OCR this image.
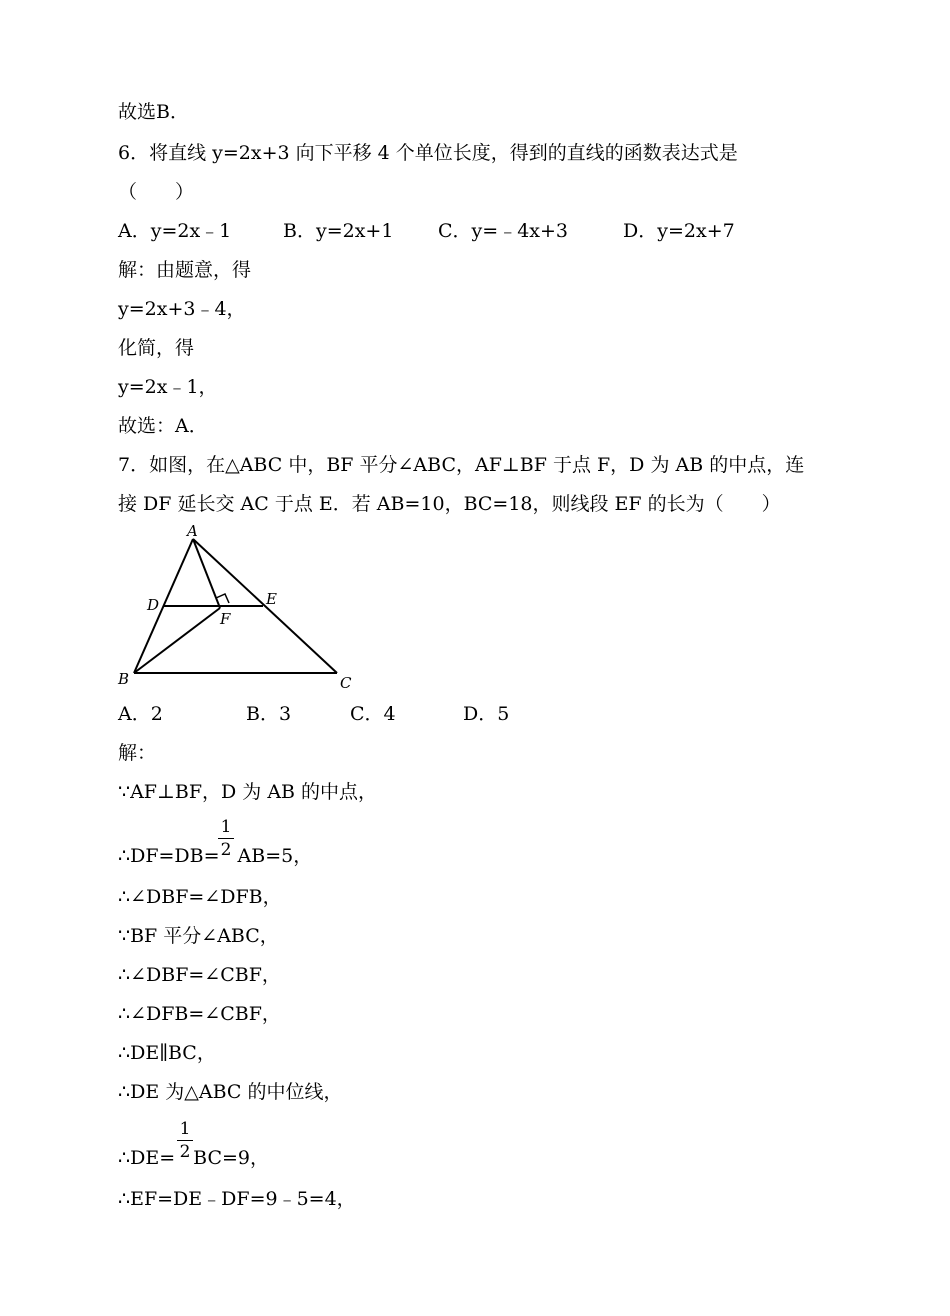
故选B．
6．将直线 y=2x+3 向下平移 4 个单位长度，得到的直线的函数表达式是
（　　）
A．y=2x﹣1	B．y=2x+1 C．y=﹣4x+3	D．y=2x+7
解：由题意，得
y=2x+3﹣4，
化简，得
y=2x﹣1，
故选：A．
7．如图，在△ABC 中，BF 平分∠ABC，AF⊥BF 于点 F，D 为 AB 的中点，连
接 DF 延长交 AC 于点 E．若 AB=10，BC=18，则线段 EF 的长为（　　）
A
B	C
D	E
F
A．2	B．3	C．4	D．5
解：
∵AF⊥BF，D 为 AB 的中点，
∴DF=DB= AB=5，
1
2
∴∠DBF=∠DFB，
∵BF 平分∠ABC，
∴∠DBF=∠CBF，
∴∠DFB=∠CBF，
∴DE∥BC，
∴DE 为△ABC 的中位线，
∴DE= BC=9，
1
2
∴EF=DE﹣DF=9﹣5=4，
